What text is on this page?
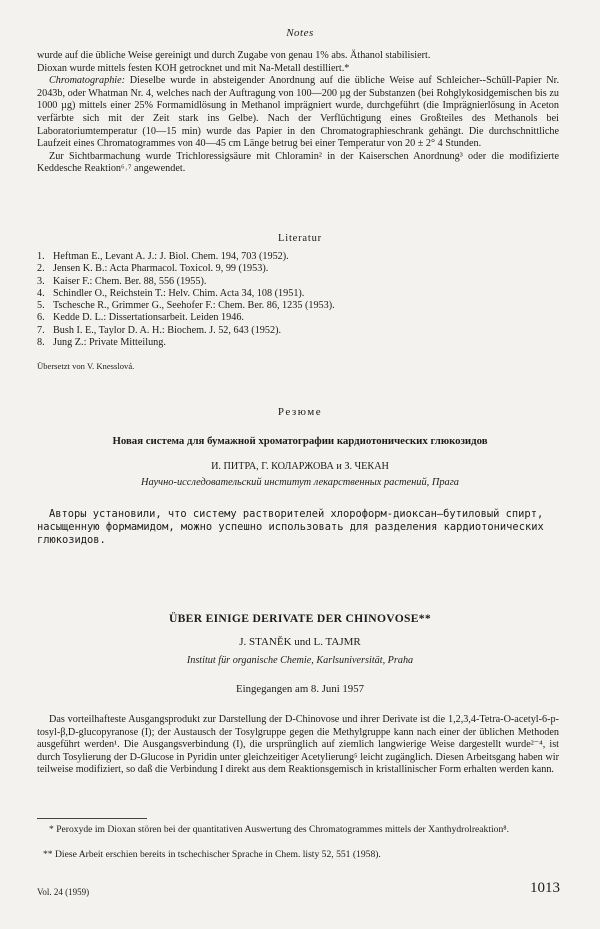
Notes

wurde auf die übliche Weise gereinigt und durch Zugabe von genau 1% abs. Äthanol stabilisiert.

Dioxan wurde mittels festen KOH getrocknet und mit Na-Metall destilliert.*

Chromatographie: Dieselbe wurde in absteigender Anordnung auf die übliche Weise auf Schleicher--Schüll-Papier Nr. 2043b, oder Whatman Nr. 4, welches nach der Auftragung von 100—200 µg der Substanzen (bei Rohglykosidgemischen bis zu 1000 µg) mittels einer 25% Formamidlösung in Methanol imprägniert wurde, durchgeführt (die Imprägnierlösung in Aceton verfärbte sich mit der Zeit stark ins Gelbe). Nach der Verflüchtigung eines Großteiles des Methanols bei Laboratoriumtemperatur (10—15 min) wurde das Papier in den Chromatographieschrank gehängt. Die durchschnittliche Laufzeit eines Chromatogrammes von 40—45 cm Länge betrug bei einer Temperatur von 20 ± 2° 4 Stunden.

Zur Sichtbarmachung wurde Trichloressigsäure mit Chloramin² in der Kaiserschen Anordnung³ oder die modifizierte Keddesche Reaktion⁶˒⁷ angewendet.

Literatur
1. Heftman E., Levant A. J.: J. Biol. Chem. 194, 703 (1952).
2. Jensen K. B.: Acta Pharmacol. Toxicol. 9, 99 (1953).
3. Kaiser F.: Chem. Ber. 88, 556 (1955).
4. Schindler O., Reichstein T.: Helv. Chim. Acta 34, 108 (1951).
5. Tschesche R., Grimmer G., Seehofer F.: Chem. Ber. 86, 1235 (1953).
6. Kedde D. L.: Dissertationsarbeit. Leiden 1946.
7. Bush I. E., Taylor D. A. H.: Biochem. J. 52, 643 (1952).
8. Jung Z.: Private Mitteilung.
Übersetzt von V. Knesslová.
Резюме
Новая система для бумажной хроматографии кардиотонических глюкозидов
И. ПИТРА, Г. КОЛАРЖОВА и З. ЧЕКАН
Научно-исследовательский институт лекарственных растений, Прага

Авторы установили, что систему растворителей хлороформ-диоксан—бутиловый спирт, насыщенную формамидом, можно успешно использовать для разделения кардиотонических глюкозидов.

ÜBER EINIGE DERIVATE DER CHINOVOSE**
J. STANĚK und L. TAJMR
Institut für organische Chemie, Karlsuniversität, Praha
Eingegangen am 8. Juni 1957

Das vorteilhafteste Ausgangsprodukt zur Darstellung der D-Chinovose und ihrer Derivate ist die 1,2,3,4-Tetra-O-acetyl-6-p-tosyl-β,D-glucopyranose (I); der Austausch der Tosylgruppe gegen die Methylgruppe kann nach einer der üblichen Methoden ausgeführt werden¹. Die Ausgangsverbindung (I), die ursprünglich auf ziemlich langwierige Weise dargestellt wurde²⁻⁴, ist durch Tosylierung der D-Glucose in Pyridin unter gleichzeitiger Acetylierung⁵ leicht zugänglich. Diesen Arbeitsgang haben wir teilweise modifiziert, so daß die Verbindung I direkt aus dem Reaktionsgemisch in kristallinischer Form erhalten werden kann.

* Peroxyde im Dioxan stören bei der quantitativen Auswertung des Chromatogrammes mittels der Xanthydrolreaktion⁸.
** Diese Arbeit erschien bereits in tschechischer Sprache in Chem. listy 52, 551 (1958).
Vol. 24 (1959)	1013
